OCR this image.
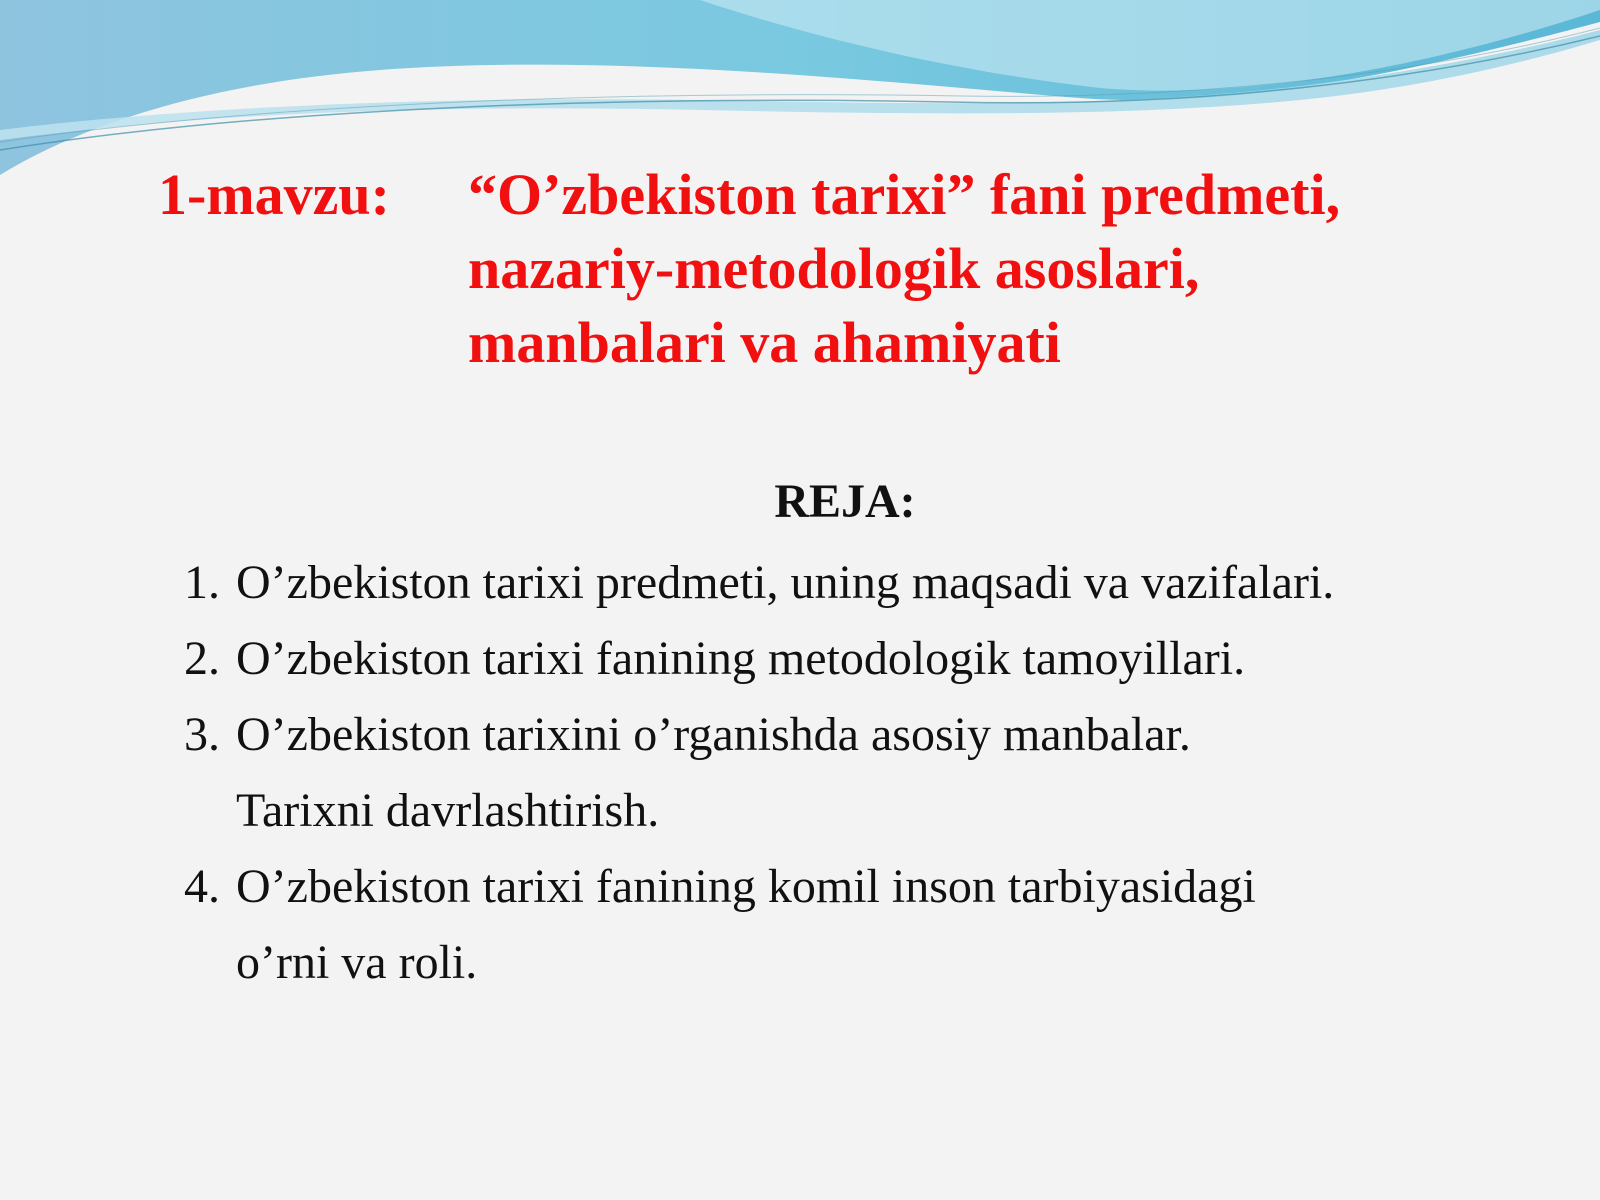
1-mavzu: “O’zbekiston tarixi” fani predmeti,
nazariy-metodologik asoslari,
manbalari va ahamiyati
REJA:
1. O’zbekiston tarixi predmeti, uning maqsadi va vazifalari.
2. O’zbekiston tarixi fanining metodologik tamoyillari.
3. O’zbekiston tarixini o’rganishda asosiy manbalar.
Tarixni davrlashtirish.
4. O’zbekiston tarixi fanining komil inson tarbiyasidagi
o’rni va roli.
